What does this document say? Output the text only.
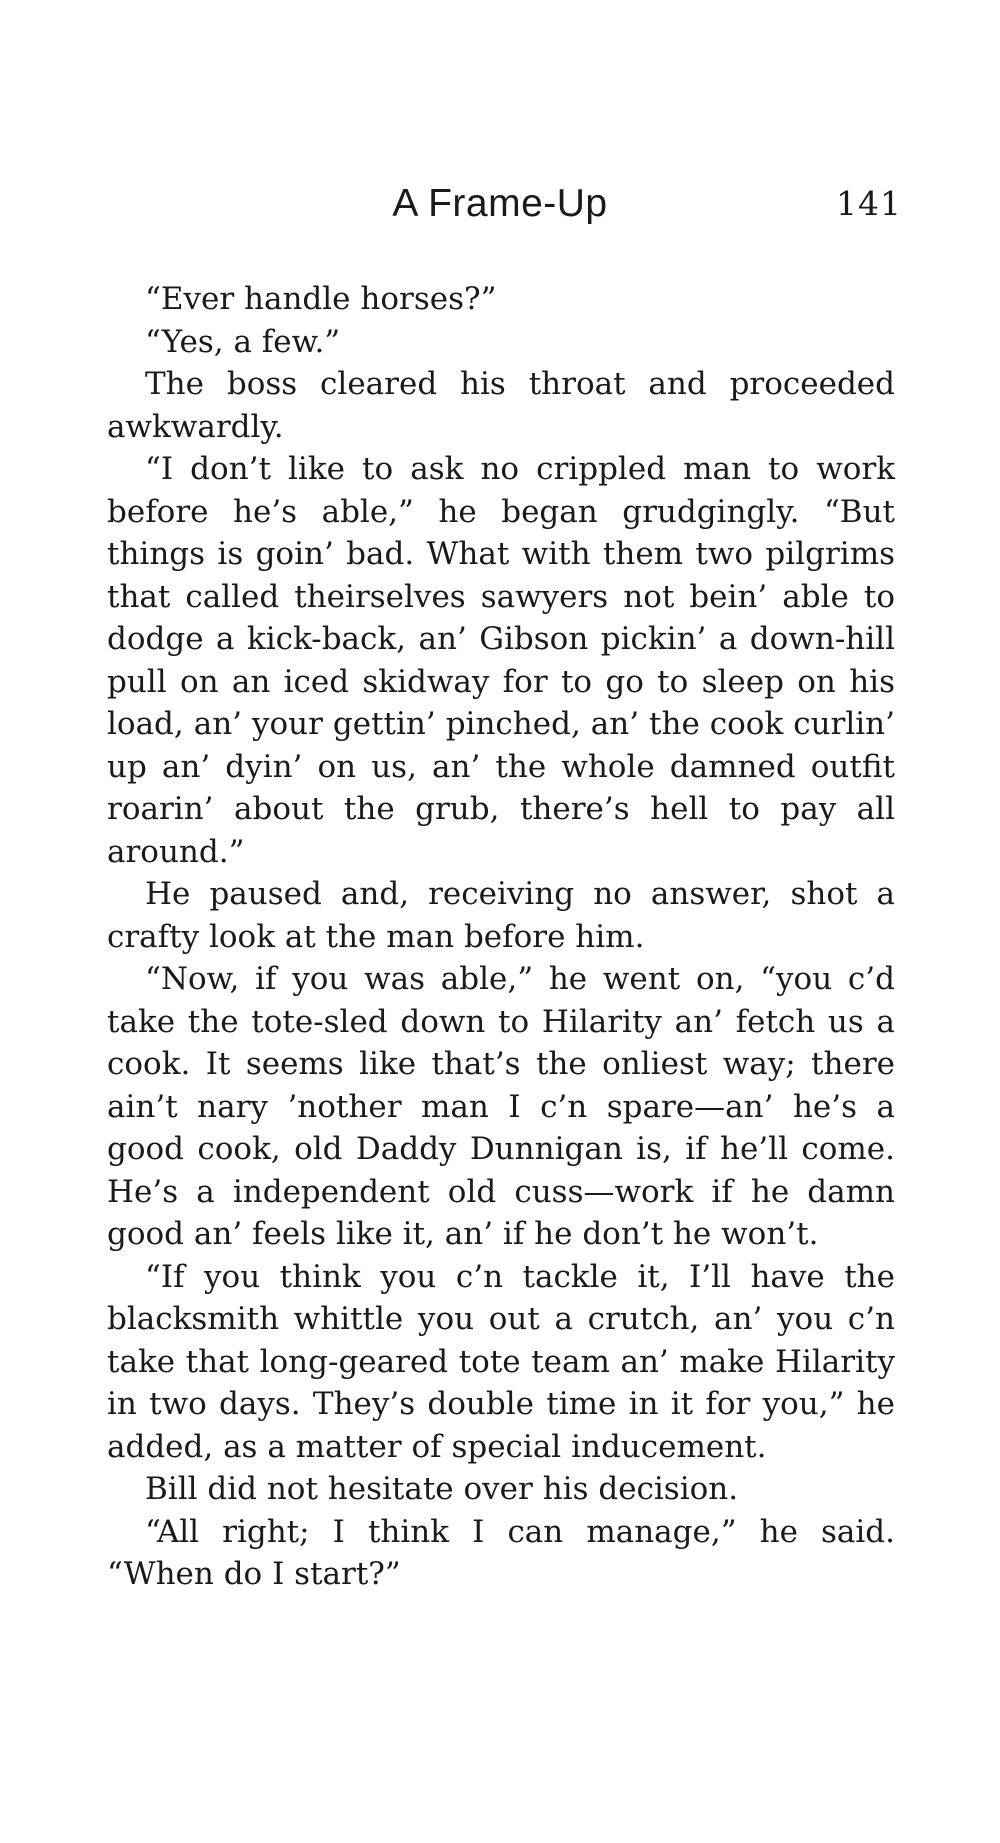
A Frame-Up	141

“Ever handle horses?”

“Yes, a few.”

The boss cleared his throat and proceeded awkwardly.

“I don’t like to ask no crippled man to work before he’s able,” he began grudgingly. “But things is goin’ bad. What with them two pilgrims that called theirselves sawyers not bein’ able to dodge a kick-back, an’ Gibson pickin’ a down-hill pull on an iced skidway for to go to sleep on his load, an’ your gettin’ pinched, an’ the cook curlin’ up an’ dyin’ on us, an’ the whole damned outfit roarin’ about the grub, there’s hell to pay all around.”

He paused and, receiving no answer, shot a crafty look at the man before him.

“Now, if you was able,” he went on, “you c’d take the tote-sled down to Hilarity an’ fetch us a cook. It seems like that’s the onliest way; there ain’t nary ’nother man I c’n spare—an’ he’s a good cook, old Daddy Dunnigan is, if he’ll come. He’s a independent old cuss—work if he damn good an’ feels like it, an’ if he don’t he won’t.

“If you think you c’n tackle it, I’ll have the blacksmith whittle you out a crutch, an’ you c’n take that long-geared tote team an’ make Hilarity in two days. They’s double time in it for you,” he added, as a matter of special inducement.

Bill did not hesitate over his decision.

“All right; I think I can manage,” he said. “When do I start?”
